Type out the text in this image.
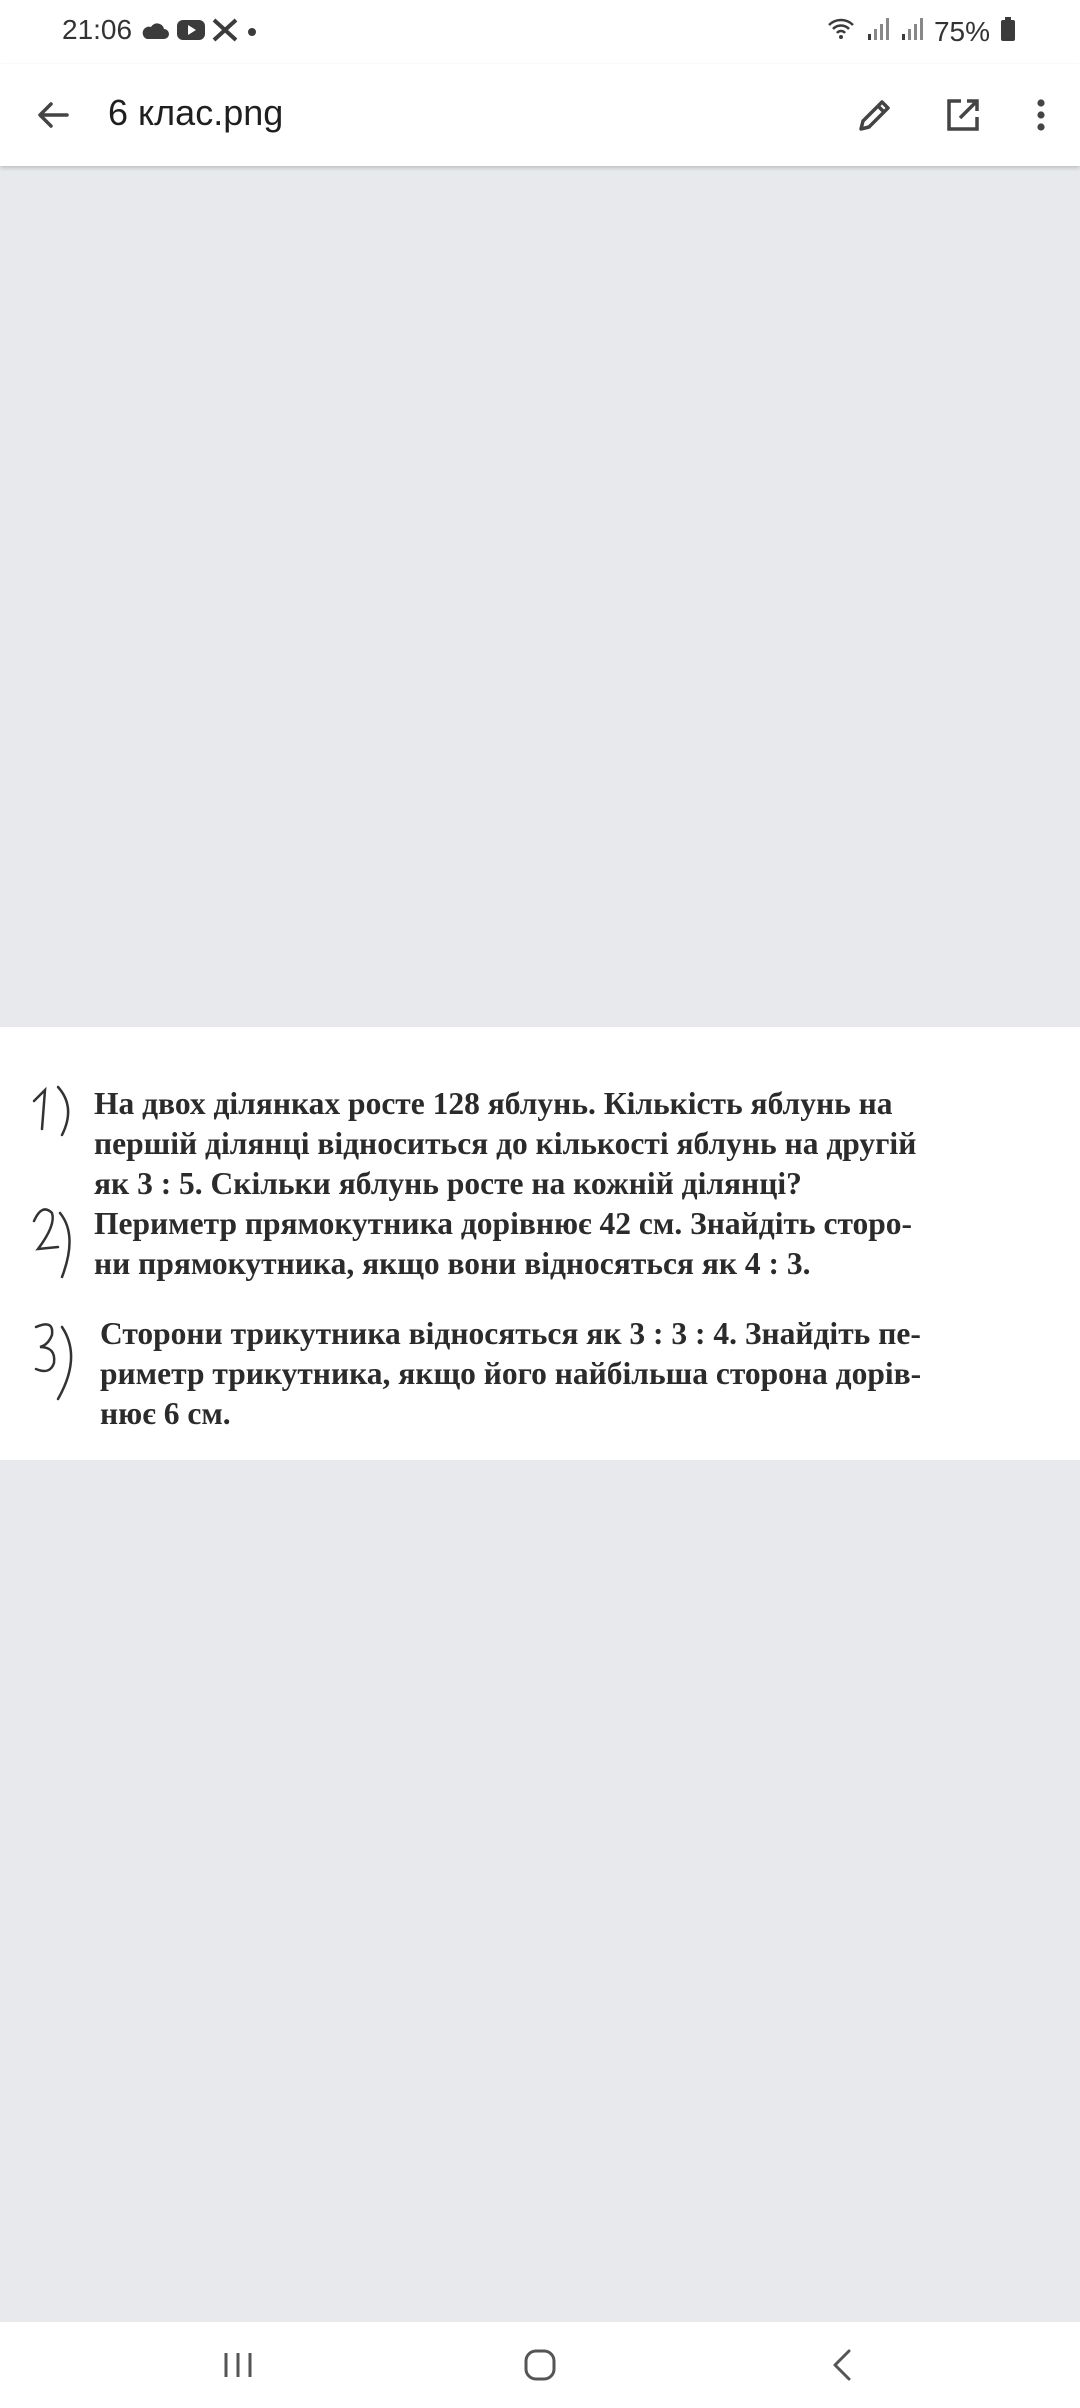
21:06	75%
6 клас.png

На двох ділянках росте 128 яблунь. Кількість яблунь на
першій ділянці відноситься до кількості яблунь на другій
як 3 : 5. Скільки яблунь росте на кожній ділянці?

Периметр прямокутника дорівнює 42 см. Знайдіть сторо-
ни прямокутника, якщо вони відносяться як 4 : 3.

Сторони трикутника відносяться як 3 : 3 : 4. Знайдіть пе-
риметр трикутника, якщо його найбільша сторона дорів-
нює 6 см.
